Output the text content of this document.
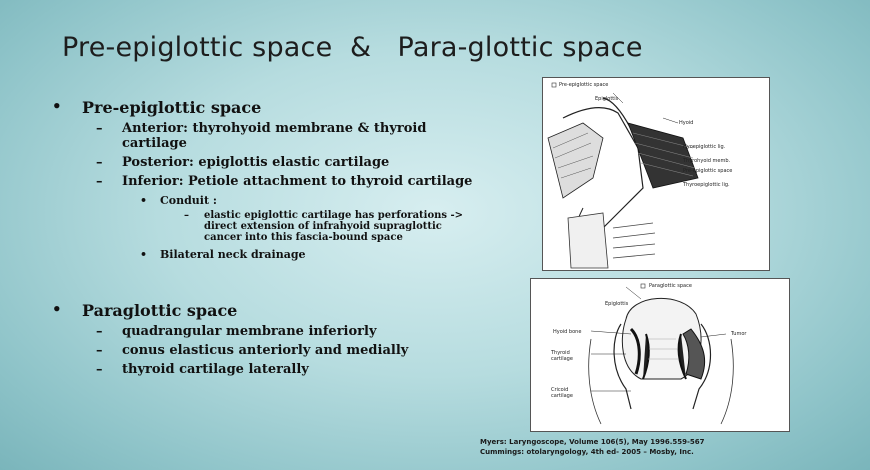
Pre-epiglottic space  &   Para-glottic space
• Pre-epiglottic space
– Anterior: thyrohyoid membrane & thyroid cartilage
– Posterior: epiglottis elastic cartilage
– Inferior: Petiole attachment to thyroid cartilage
• Conduit :
– elastic epiglottic cartilage has perforations -> direct extension of infrahyoid supraglottic cancer into this fascia-bound space
• Bilateral neck drainage
• Paraglottic space
– quadrangular membrane inferiorly
– conus elasticus anteriorly and medially
– thyroid cartilage laterally
Pre-epiglottic space
Epiglottis
Hyoid
Hyoepiglottic lig.
Thyrohyoid memb.
Pre-epiglottic space
Thyroepiglottic lig.
Paraglottic space
Epiglottis
Hyoid bone
Thyroid cartilage
Cricoid cartilage
Tumor
Myers: Laryngoscope, Volume 106(5), May 1996.559-567
Cummings: otolaryngology, 4th ed- 2005 – Mosby, Inc.
